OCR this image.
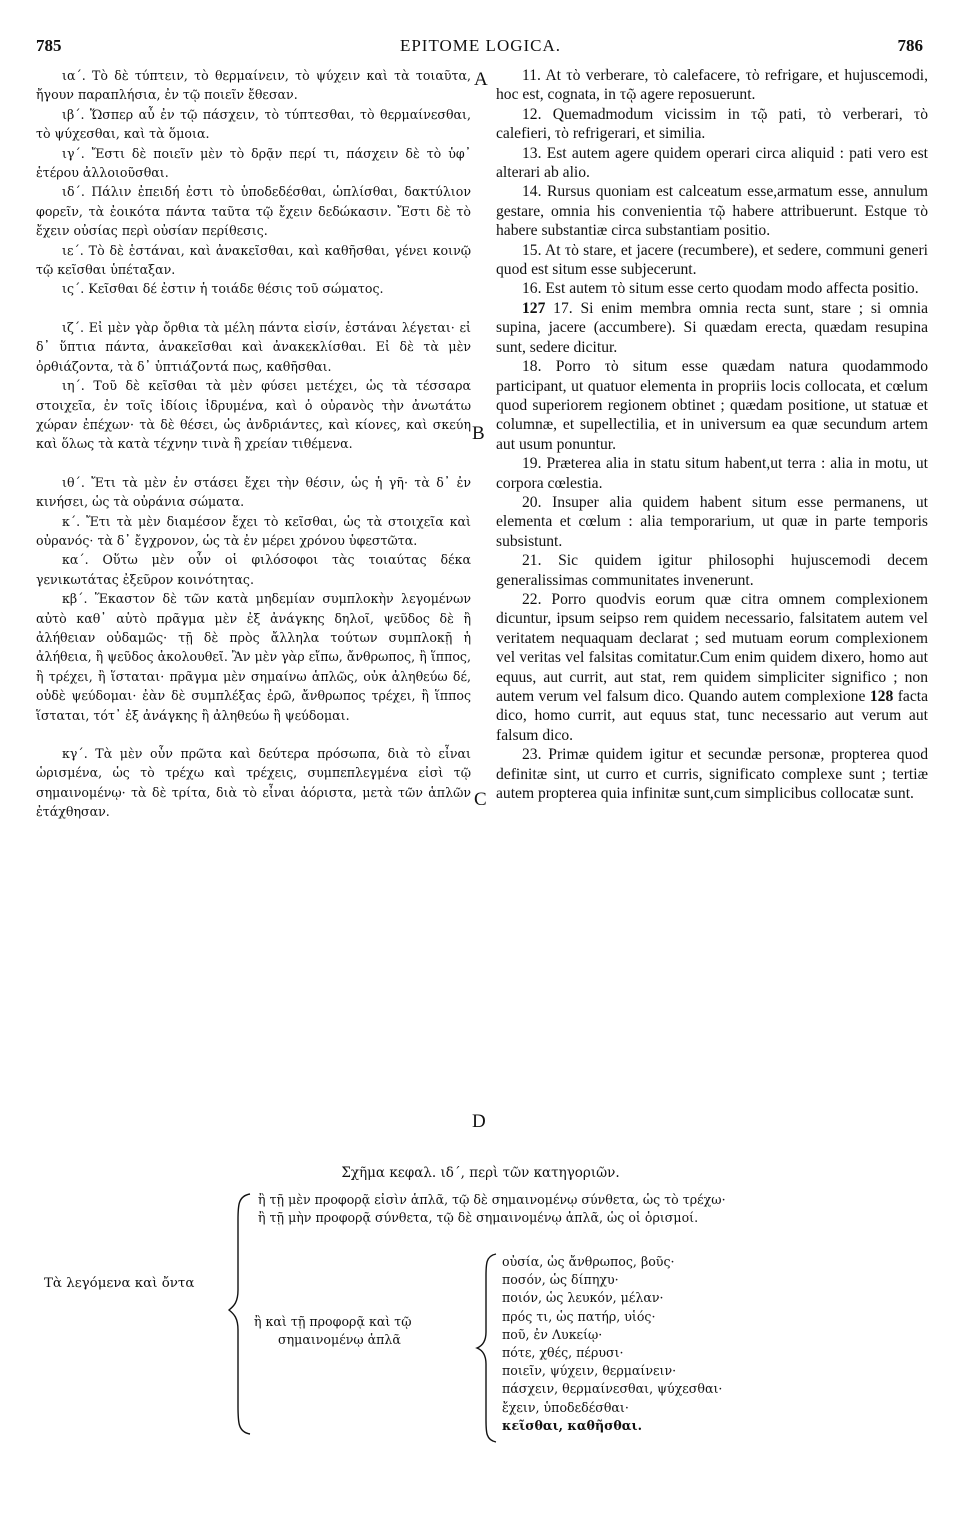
785	EPITOME LOGICA.	786
A
B
C
D

ια΄. Τὸ δὲ τύπτειν, τὸ θερμαίνειν, τὸ ψύχειν καὶ τὰ τοιαῦτα, ἤγουν παραπλήσια, ἐν τῷ ποιεῖν ἔθεσαν.

ιβ΄. Ὥσπερ αὖ ἐν τῷ πάσχειν, τὸ τύπτεσθαι, τὸ θερμαίνεσθαι, τὸ ψύχεσθαι, καὶ τὰ ὅμοια.

ιγ΄. Ἔστι δὲ ποιεῖν μὲν τὸ δρᾷν περί τι, πάσχειν δὲ τὸ ὑφ᾽ ἑτέρου ἀλλοιοῦσθαι.

ιδ΄. Πάλιν ἐπειδή ἐστι τὸ ὑποδεδέσθαι, ὡπλίσθαι, δακτύλιον φορεῖν, τὰ ἐοικότα πάντα ταῦτα τῷ ἔχειν δεδώκασιν. Ἔστι δὲ τὸ ἔχειν οὐσίας περὶ οὐσίαν περίθεσις.

ιε΄. Τὸ δὲ ἑστάναι, καὶ ἀνακεῖσθαι, καὶ καθῆσθαι, γένει κοινῷ τῷ κεῖσθαι ὑπέταξαν.

ις΄. Κεῖσθαι δέ ἐστιν ἡ τοιάδε θέσις τοῦ σώματος.

ιζ΄. Εἰ μὲν γὰρ ὄρθια τὰ μέλη πάντα εἰσίν, ἑστάναι λέγεται· εἰ δ᾽ ὕπτια πάντα, ἀνακεῖσθαι καὶ ἀνακεκλίσθαι. Εἰ δὲ τὰ μὲν ὀρθιάζοντα, τὰ δ᾽ ὑπτιάζοντά πως, καθῆσθαι.

ιη΄. Τοῦ δὲ κεῖσθαι τὰ μὲν φύσει μετέχει, ὡς τὰ τέσσαρα στοιχεῖα, ἐν τοῖς ἰδίοις ἱδρυμένα, καὶ ὁ οὐρανὸς τὴν ἀνωτάτω χώραν ἐπέχων· τὰ δὲ θέσει, ὡς ἀνδριάντες, καὶ κίονες, καὶ σκεύη καὶ ὅλως τὰ κατὰ τέχνην τινὰ ἢ χρείαν τιθέμενα.

ιθ΄. Ἔτι τὰ μὲν ἐν στάσει ἔχει τὴν θέσιν, ὡς ἡ γῆ· τὰ δ᾽ ἐν κινήσει, ὡς τὰ οὐράνια σώματα.

κ΄. Ἔτι τὰ μὲν διαμέσον ἔχει τὸ κεῖσθαι, ὡς τὰ στοιχεῖα καὶ οὐρανός· τὰ δ᾽ ἔγχρονον, ὡς τὰ ἐν μέρει χρόνου ὑφεστῶτα.

κα΄. Οὕτω μὲν οὖν οἱ φιλόσοφοι τὰς τοιαύτας δέκα γενικωτάτας ἐξεῦρον κοινότητας.

κβ΄. Ἕκαστον δὲ τῶν κατὰ μηδεμίαν συμπλοκὴν λεγομένων αὐτὸ καθ᾽ αὑτὸ πρᾶγμα μὲν ἐξ ἀνάγκης δηλοῖ, ψεῦδος δὲ ἢ ἀλήθειαν οὐδαμῶς· τῇ δὲ πρὸς ἄλληλα τούτων συμπλοκῇ ἡ ἀλήθεια, ἢ ψεῦδος ἀκολουθεῖ. Ἂν μὲν γὰρ εἴπω, ἄνθρωπος, ἢ ἵππος, ἢ τρέχει, ἢ ἵσταται· πρᾶγμα μὲν σημαίνω ἁπλῶς, οὐκ ἀληθεύω δέ, οὐδὲ ψεύδομαι· ἐὰν δὲ συμπλέξας ἐρῶ, ἄνθρωπος τρέχει, ἢ ἵππος ἵσταται, τότ᾽ ἐξ ἀνάγκης ἢ ἀληθεύω ἢ ψεύδομαι.

κγ΄. Τὰ μὲν οὖν πρῶτα καὶ δεύτερα πρόσωπα, διὰ τὸ εἶναι ὡρισμένα, ὡς τὸ τρέχω καὶ τρέχεις, συμπεπλεγμένα εἰσὶ τῷ σημαινομένῳ· τὰ δὲ τρίτα, διὰ τὸ εἶναι ἀόριστα, μετὰ τῶν ἁπλῶν ἐτάχθησαν.

11. At τὸ verberare, τὸ calefacere, τὸ refrigare, et hujuscemodi, hoc est, cognata, in τῷ agere reposuerunt.

12. Quemadmodum vicissim in τῷ pati, τὸ verberari, τὸ calefieri, τὸ refrigerari, et similia.

13. Est autem agere quidem operari circa aliquid : pati vero est alterari ab alio.

14. Rursus quoniam est calceatum esse,armatum esse, annulum gestare, omnia his convenientia τῷ habere attribuerunt. Estque τὸ habere substantiæ circa substantiam positio.

15. At τὸ stare, et jacere (recumbere), et sedere, communi generi quod est situm esse subjecerunt.

16. Est autem τὸ situm esse certo quodam modo affecta positio.

127 17. Si enim membra omnia recta sunt, stare ; si omnia supina, jacere (accumbere). Si quædam erecta, quædam resupina sunt, sedere dicitur.

18. Porro τὸ situm esse quædam natura quodammodo participant, ut quatuor elementa in propriis locis collocata, et cœlum quod superiorem regionem obtinet ; quædam positione, ut statuæ et columnæ, et supellectilia, et in universum ea quæ secundum artem aut usum ponuntur.

19. Præterea alia in statu situm habent,ut terra : alia in motu, ut corpora cœlestia.

20. Insuper alia quidem habent situm esse permanens, ut elementa et cœlum : alia temporarium, ut quæ in parte temporis subsistunt.

21. Sic quidem igitur philosophi hujuscemodi decem generalissimas communitates invenerunt.

22. Porro quodvis eorum quæ citra omnem complexionem dicuntur, ipsum seipso rem quidem necessario, falsitatem autem vel veritatem nequaquam declarat ; sed mutuam eorum complexionem vel veritas vel falsitas comitatur.Cum enim quidem dixero, homo aut equus, aut currit, aut stat, rem quidem simpliciter significo ; non autem verum vel falsum dico. Quando autem complexione 128 facta dico, homo currit, aut equus stat, tunc necessario aut verum aut falsum dico.

23. Primæ quidem igitur et secundæ personæ, propterea quod definitæ sint, ut curro et curris, significato complexe sunt ; tertiæ autem propterea quia infinitæ sunt,cum simplicibus collocatæ sunt.

Σχῆμα κεφαλ. ιδ΄, περὶ τῶν κατηγοριῶν.
Τὰ λεγόμενα καὶ ὄντα
ἢ τῇ μὲν προφορᾷ εἰσὶν ἁπλᾶ, τῷ δὲ σημαινομένῳ σύνθετα, ὡς τὸ τρέχω·
ἢ τῇ μὴν προφορᾷ σύνθετα, τῷ δὲ σημαινομένῳ ἁπλᾶ, ὡς οἱ ὁρισμοί.
ἢ καὶ τῇ προφορᾷ καὶ τῷ
σημαινομένῳ ἁπλᾶ
οὐσία, ὡς ἄνθρωπος, βοῦς·
ποσόν, ὡς δίπηχυ·
ποιόν, ὡς λευκόν, μέλαν·
πρός τι, ὡς πατήρ, υἱός·
ποῦ, ἐν Λυκείῳ·
πότε, χθές, πέρυσι·
ποιεῖν, ψύχειν, θερμαίνειν·
πάσχειν, θερμαίνεσθαι, ψύχεσθαι·
ἔχειν, ὑποδεδέσθαι·
κεῖσθαι, καθῆσθαι.
